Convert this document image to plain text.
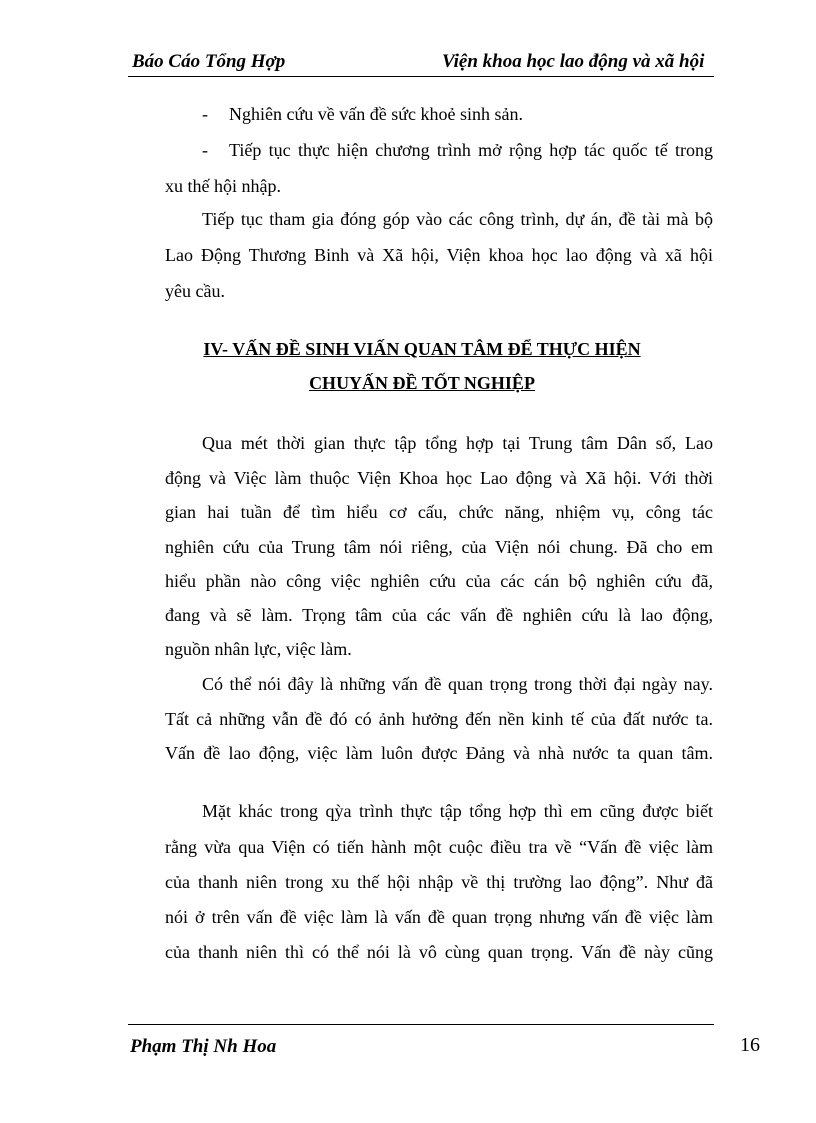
Báo Cáo Tổng Hợp	Viện khoa học lao động và xã hội
- Nghiên cứu về vấn đề sức khoẻ sinh sản.
- Tiếp tục thực hiện chương trình mở rộng hợp tác quốc tế trong
xu thế hội nhập.
Tiếp tục tham gia đóng góp vào các công trình, dự án, đề tài mà bộ
Lao Động Thương Binh và Xã hội, Viện khoa học lao động và xã hội
yêu cầu.
IV- VẤN ĐỀ SINH VIẤN QUAN TÂM ĐỂ THỰC HIỆN
CHUYẤN ĐỀ TỐT NGHIỆP
Qua mét thời gian thực tập tổng hợp tại Trung tâm Dân số, Lao
động và Việc làm thuộc Viện Khoa học Lao động và Xã hội. Với thời
gian hai tuần để tìm hiểu cơ cấu, chức năng, nhiệm vụ, công tác
nghiên cứu của Trung tâm nói riêng, của Viện nói chung. Đã cho em
hiểu phần nào công việc nghiên cứu của các cán bộ nghiên cứu đã,
đang và sẽ làm. Trọng tâm của các vấn đề nghiên cứu là lao động,
nguồn nhân lực, việc làm.
Có thể nói đây là những vấn đề quan trọng trong thời đại ngày nay.
Tất cả những vẫn đề đó có ảnh hưởng đến nền kinh tế của đất nước ta.
Vấn đề lao động, việc làm luôn được Đảng và nhà nước ta quan tâm.
Mặt khác trong qỳa trình thực tập tổng hợp thì em cũng được biết
rằng vừa qua Viện có tiến hành một cuộc điều tra về “Vấn đề việc làm
của thanh niên trong xu thế hội nhập về thị trường lao động”. Như đã
nói ở trên vấn đề việc làm là vấn đề quan trọng nhưng vấn đề việc làm
của thanh niên thì có thể nói là vô cùng quan trọng. Vấn đề này cũng
Phạm Thị Nh Hoa	16
